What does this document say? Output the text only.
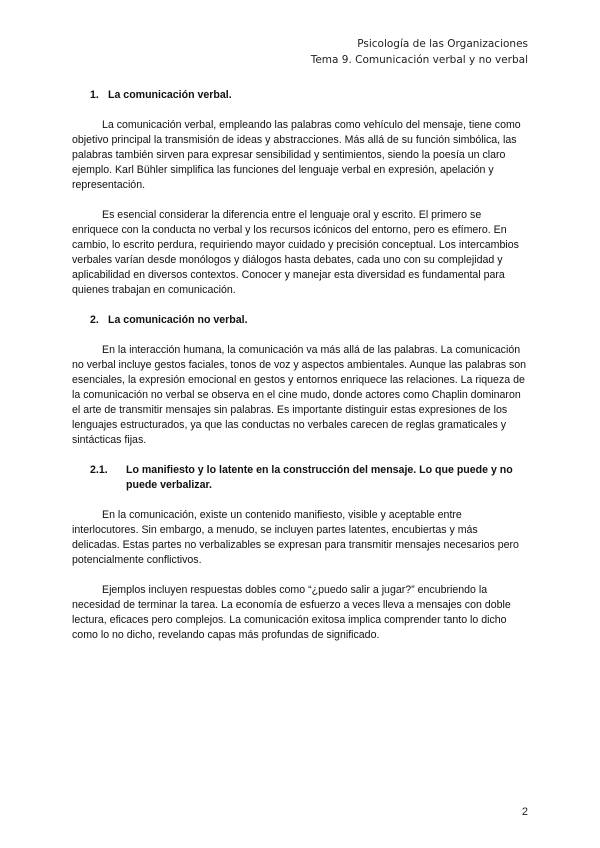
Psicología de las Organizaciones
Tema 9. Comunicación verbal y no verbal
1. La comunicación verbal.

La comunicación verbal, empleando las palabras como vehículo del mensaje, tiene como objetivo principal la transmisión de ideas y abstracciones. Más allá de su función simbólica, las palabras también sirven para expresar sensibilidad y sentimientos, siendo la poesía un claro ejemplo. Karl Bühler simplifica las funciones del lenguaje verbal en expresión, apelación y representación.

Es esencial considerar la diferencia entre el lenguaje oral y escrito. El primero se enriquece con la conducta no verbal y los recursos icónicos del entorno, pero es efímero. En cambio, lo escrito perdura, requiriendo mayor cuidado y precisión conceptual. Los intercambios verbales varían desde monólogos y diálogos hasta debates, cada uno con su complejidad y aplicabilidad en diversos contextos. Conocer y manejar esta diversidad es fundamental para quienes trabajan en comunicación.

2. La comunicación no verbal.

En la interacción humana, la comunicación va más allá de las palabras. La comunicación no verbal incluye gestos faciales, tonos de voz y aspectos ambientales. Aunque las palabras son esenciales, la expresión emocional en gestos y entornos enriquece las relaciones. La riqueza de la comunicación no verbal se observa en el cine mudo, donde actores como Chaplin dominaron el arte de transmitir mensajes sin palabras. Es importante distinguir estas expresiones de los lenguajes estructurados, ya que las conductas no verbales carecen de reglas gramaticales y sintácticas fijas.

2.1.	Lo manifiesto y lo latente en la construcción del mensaje. Lo que puede y no puede verbalizar.

En la comunicación, existe un contenido manifiesto, visible y aceptable entre interlocutores. Sin embargo, a menudo, se incluyen partes latentes, encubiertas y más delicadas. Estas partes no verbalizables se expresan para transmitir mensajes necesarios pero potencialmente conflictivos.

Ejemplos incluyen respuestas dobles como “¿puedo salir a jugar?” encubriendo la necesidad de terminar la tarea. La economía de esfuerzo a veces lleva a mensajes con doble lectura, eficaces pero complejos. La comunicación exitosa implica comprender tanto lo dicho como lo no dicho, revelando capas más profundas de significado.

2
